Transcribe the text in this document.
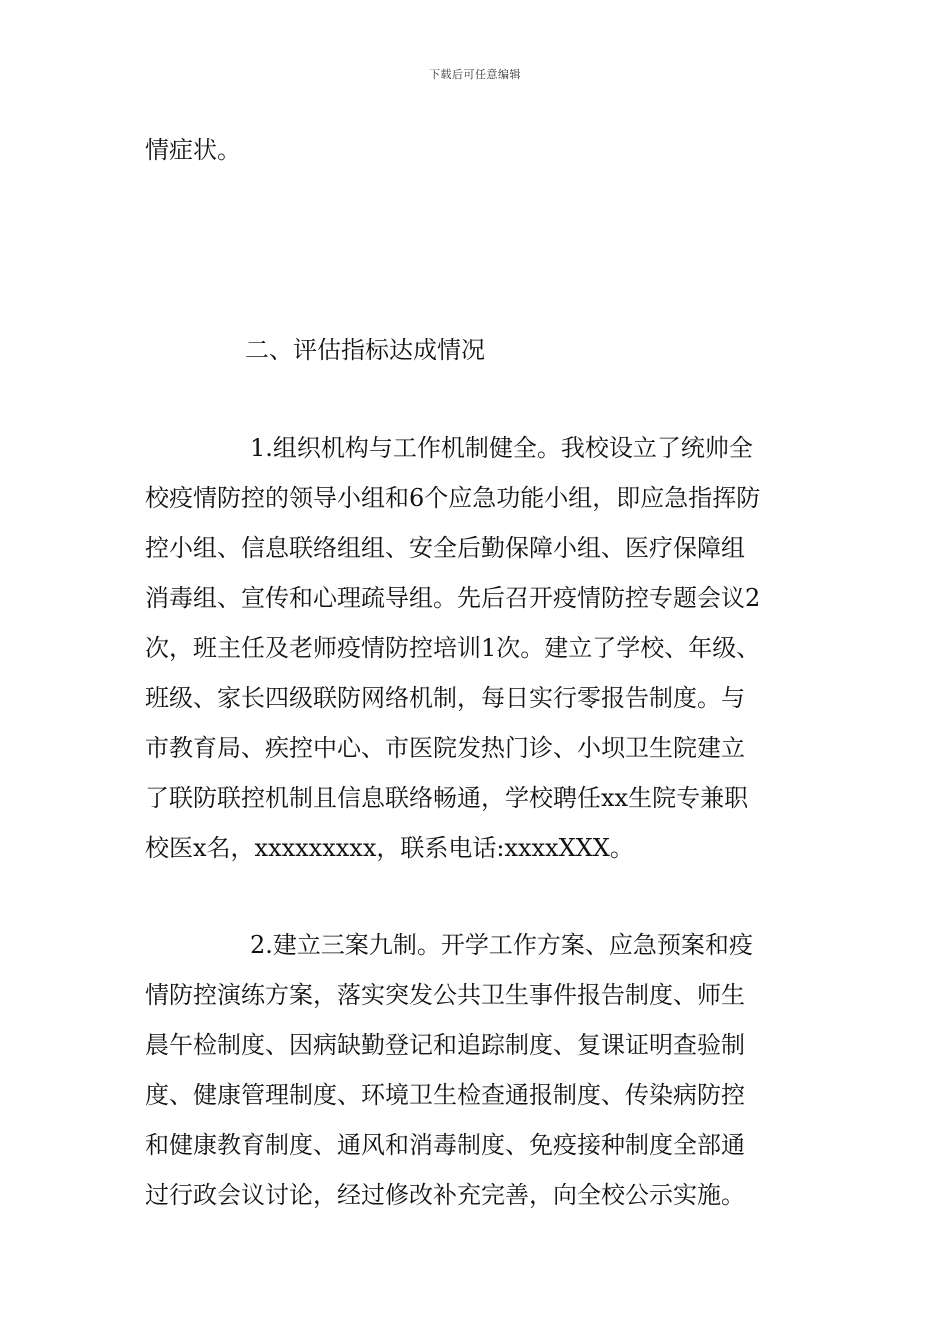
下载后可任意编辑
情症状。
二、评估指标达成情况
1.组织机构与工作机制健全。我校设立了统帅全
校疫情防控的领导小组和6个应急功能小组，即应急指挥防
控小组、信息联络组组、安全后勤保障小组、医疗保障组
消毒组、宣传和心理疏导组。先后召开疫情防控专题会议2
次，班主任及老师疫情防控培训1次。建立了学校、年级、
班级、家长四级联防网络机制，每日实行零报告制度。与
市教育局、疾控中心、市医院发热门诊、小坝卫生院建立
了联防联控机制且信息联络畅通，学校聘任xx生院专兼职
校医x名，xxxxxxxxx，联系电话:xxxxXXX。
2.建立三案九制。开学工作方案、应急预案和疫
情防控演练方案，落实突发公共卫生事件报告制度、师生
晨午检制度、因病缺勤登记和追踪制度、复课证明查验制
度、健康管理制度、环境卫生检查通报制度、传染病防控
和健康教育制度、通风和消毒制度、免疫接种制度全部通
过行政会议讨论，经过修改补充完善，向全校公示实施。
